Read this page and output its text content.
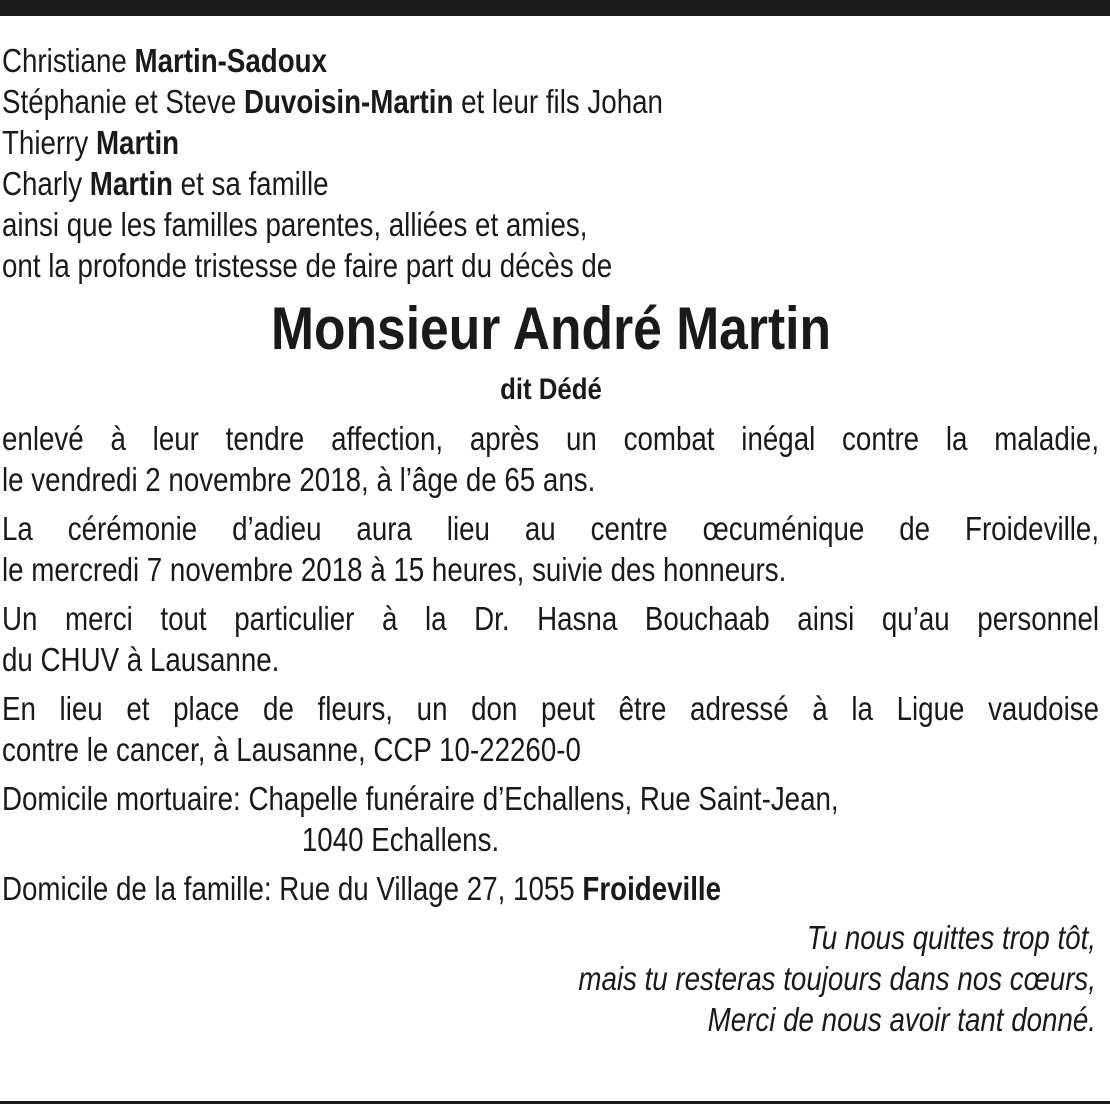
Christiane Martin-Sadoux
Stéphanie et Steve Duvoisin-Martin et leur fils Johan
Thierry Martin
Charly Martin et sa famille
ainsi que les familles parentes, alliées et amies,
ont la profonde tristesse de faire part du décès de
Monsieur André Martin
dit Dédé
enlevé à leur tendre affection, après un combat inégal contre la maladie,
le vendredi 2 novembre 2018, à l’âge de 65 ans.
La cérémonie d’adieu aura lieu au centre œcuménique de Froideville,
le mercredi 7 novembre 2018 à 15 heures, suivie des honneurs.
Un merci tout particulier à la Dr. Hasna Bouchaab ainsi qu’au personnel
du CHUV à Lausanne.
En lieu et place de fleurs, un don peut être adressé à la Ligue vaudoise
contre le cancer, à Lausanne, CCP 10-22260-0
Domicile mortuaire: Chapelle funéraire d’Echallens, Rue Saint-Jean,
1040 Echallens.
Domicile de la famille: Rue du Village 27, 1055 Froideville
Tu nous quittes trop tôt,
mais tu resteras toujours dans nos cœurs,
Merci de nous avoir tant donné.
